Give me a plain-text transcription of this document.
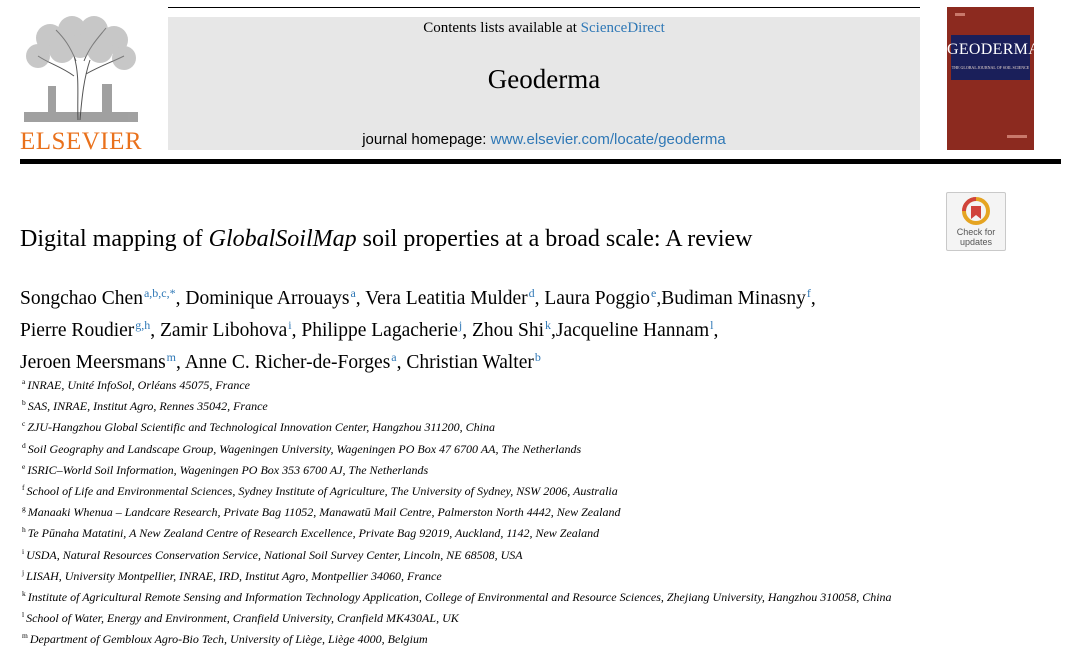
ELSEVIER
Contents lists available at ScienceDirect
Geoderma
journal homepage: www.elsevier.com/locate/geoderma
GEODERMA
THE GLOBAL JOURNAL OF SOIL SCIENCE
Check for
updates
Digital mapping of GlobalSoilMap soil properties at a broad scale: A review
Songchao Chen$^{a,b,c,*}$, Dominique Arrouays$^a$, Vera Leatitia Mulder$^d$, Laura Poggio$^e$,Budiman Minasny$^f$,
Pierre Roudier$^{g,h}$, Zamir Libohova$^i$, Philippe Lagacherie$^j$, Zhou Shi$^k$,Jacqueline Hannam$^l$,
Jeroen Meersmans$^m$, Anne C. Richer-de-Forges$^a$, Christian Walter$^b$
$^a$ INRAE, Unité InfoSol, Orléans 45075, France
$^b$ SAS, INRAE, Institut Agro, Rennes 35042, France
$^c$ ZJU-Hangzhou Global Scientific and Technological Innovation Center, Hangzhou 311200, China
$^d$ Soil Geography and Landscape Group, Wageningen University, Wageningen PO Box 47 6700 AA, The Netherlands
$^e$ ISRIC–World Soil Information, Wageningen PO Box 353 6700 AJ, The Netherlands
$^f$ School of Life and Environmental Sciences, Sydney Institute of Agriculture, The University of Sydney, NSW 2006, Australia
$^g$ Manaaki Whenua – Landcare Research, Private Bag 11052, Manawatū Mail Centre, Palmerston North 4442, New Zealand
$^h$ Te Pūnaha Matatini, A New Zealand Centre of Research Excellence, Private Bag 92019, Auckland, 1142, New Zealand
$^i$ USDA, Natural Resources Conservation Service, National Soil Survey Center, Lincoln, NE 68508, USA
$^j$ LISAH, University Montpellier, INRAE, IRD, Institut Agro, Montpellier 34060, France
$^k$ Institute of Agricultural Remote Sensing and Information Technology Application, College of Environmental and Resource Sciences, Zhejiang University, Hangzhou 310058, China
$^l$ School of Water, Energy and Environment, Cranfield University, Cranfield MK430AL, UK
$^m$ Department of Gembloux Agro-Bio Tech, University of Liège, Liège 4000, Belgium
